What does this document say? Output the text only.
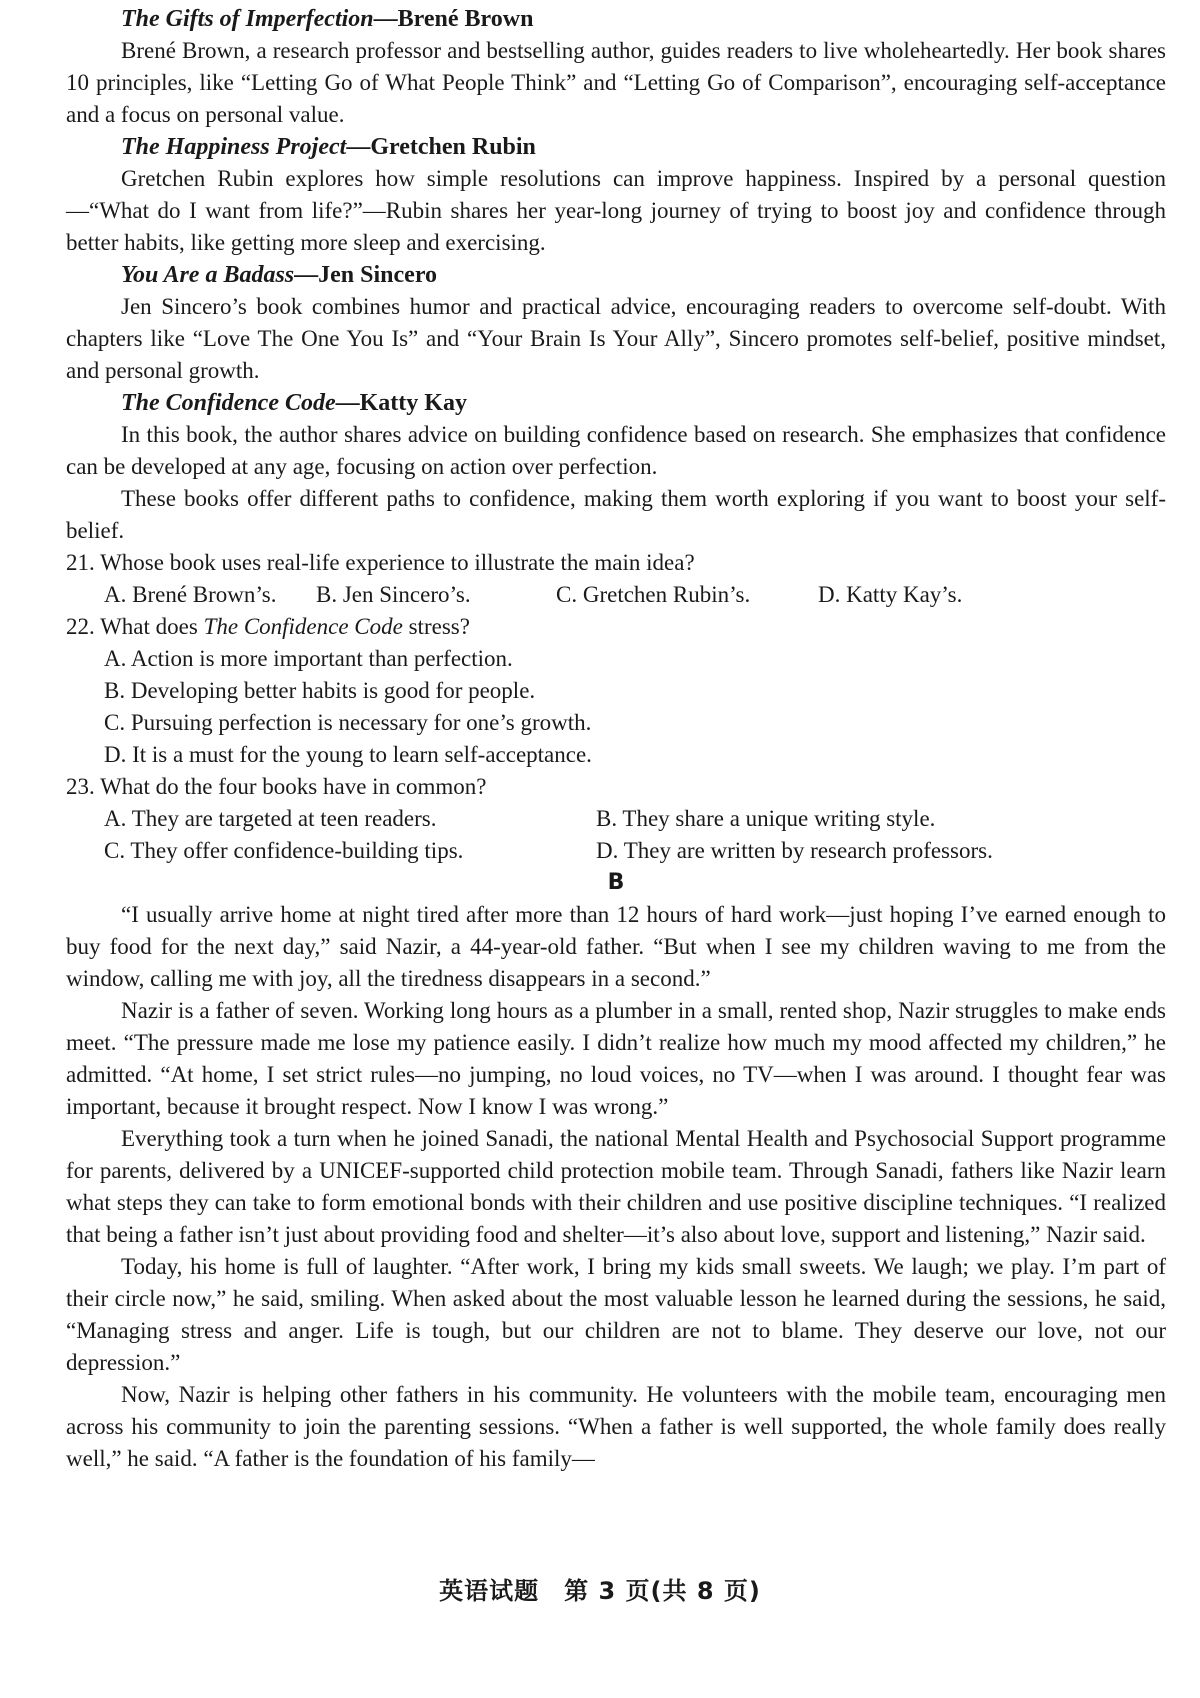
The Gifts of Imperfection—Brené Brown

Brené Brown, a research professor and bestselling author, guides readers to live wholeheartedly. Her book shares 10 principles, like “Letting Go of What People Think” and “Letting Go of Comparison”, encouraging self-acceptance and a focus on personal value.

The Happiness Project—Gretchen Rubin

Gretchen Rubin explores how simple resolutions can improve happiness. Inspired by a personal question—“What do I want from life?”—Rubin shares her year-long journey of trying to boost joy and confidence through better habits, like getting more sleep and exercising.

You Are a Badass—Jen Sincero

Jen Sincero’s book combines humor and practical advice, encouraging readers to overcome self-doubt. With chapters like “Love The One You Is” and “Your Brain Is Your Ally”, Sincero promotes self-belief, positive mindset, and personal growth.

The Confidence Code—Katty Kay

In this book, the author shares advice on building confidence based on research. She emphasizes that confidence can be developed at any age, focusing on action over perfection.

These books offer different paths to confidence, making them worth exploring if you want to boost your self-belief.

21. Whose book uses real-life experience to illustrate the main idea?

A. Brené Brown’s.	B. Jen Sincero’s.	C. Gretchen Rubin’s.	D. Katty Kay’s.

22. What does The Confidence Code stress?

A. Action is more important than perfection.

B. Developing better habits is good for people.

C. Pursuing perfection is necessary for one’s growth.

D. It is a must for the young to learn self-acceptance.

23. What do the four books have in common?

A. They are targeted at teen readers.	B. They share a unique writing style.
C. They offer confidence-building tips.	D. They are written by research professors.

B

“I usually arrive home at night tired after more than 12 hours of hard work—just hoping I’ve earned enough to buy food for the next day,” said Nazir, a 44-year-old father. “But when I see my children waving to me from the window, calling me with joy, all the tiredness disappears in a second.”

Nazir is a father of seven. Working long hours as a plumber in a small, rented shop, Nazir struggles to make ends meet. “The pressure made me lose my patience easily. I didn’t realize how much my mood affected my children,” he admitted. “At home, I set strict rules—no jumping, no loud voices, no TV—when I was around. I thought fear was important, because it brought respect. Now I know I was wrong.”

Everything took a turn when he joined Sanadi, the national Mental Health and Psychosocial Support programme for parents, delivered by a UNICEF-supported child protection mobile team. Through Sanadi, fathers like Nazir learn what steps they can take to form emotional bonds with their children and use positive discipline techniques. “I realized that being a father isn’t just about providing food and shelter—it’s also about love, support and listening,” Nazir said.

Today, his home is full of laughter. “After work, I bring my kids small sweets. We laugh; we play. I’m part of their circle now,” he said, smiling. When asked about the most valuable lesson he learned during the sessions, he said, “Managing stress and anger. Life is tough, but our children are not to blame. They deserve our love, not our depression.”

Now, Nazir is helping other fathers in his community. He volunteers with the mobile team, encouraging men across his community to join the parenting sessions. “When a father is well supported, the whole family does really well,” he said. “A father is the foundation of his family—

英语试题　第 3 页(共 8 页)
